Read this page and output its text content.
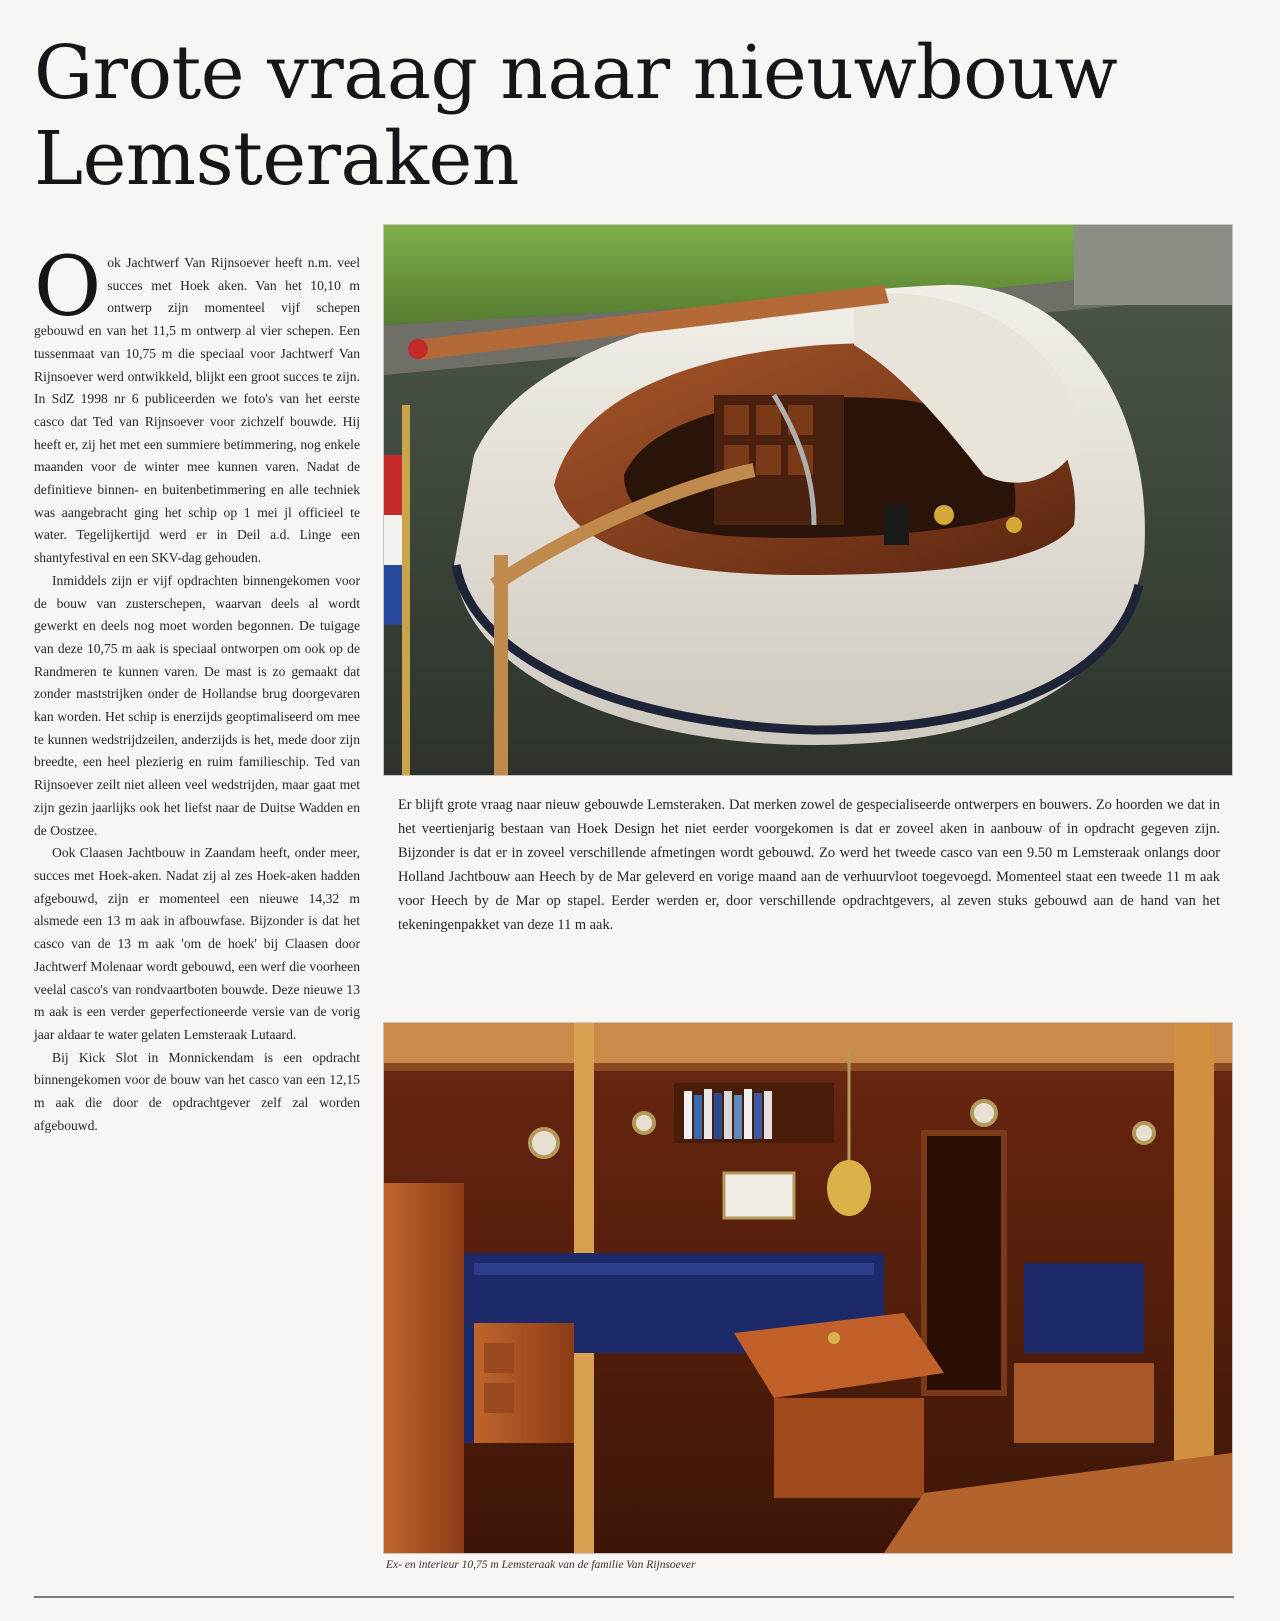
Grote vraag naar nieuwbouw
Lemsteraken

Ook Jachtwerf Van Rijnsoever heeft n.m. veel succes met Hoek aken. Van het 10,10 m ontwerp zijn momenteel vijf schepen gebouwd en van het 11,5 m ontwerp al vier schepen. Een tussenmaat van 10,75 m die speciaal voor Jachtwerf Van Rijnsoever werd ontwikkeld, blijkt een groot succes te zijn. In SdZ 1998 nr 6 publiceerden we foto's van het eerste casco dat Ted van Rijnsoever voor zichzelf bouwde. Hij heeft er, zij het met een summiere betimmering, nog enkele maanden voor de winter mee kunnen varen. Nadat de definitieve binnen- en buitenbetimmering en alle techniek was aangebracht ging het schip op 1 mei jl officieel te water. Tegelijkertijd werd er in Deil a.d. Linge een shantyfestival en een SKV-dag gehouden.

Inmiddels zijn er vijf opdrachten binnengekomen voor de bouw van zusterschepen, waarvan deels al wordt gewerkt en deels nog moet worden begonnen. De tuigage van deze 10,75 m aak is speciaal ontworpen om ook op de Randmeren te kunnen varen. De mast is zo gemaakt dat zonder maststrijken onder de Hollandse brug doorgevaren kan worden. Het schip is enerzijds geoptimaliseerd om mee te kunnen wedstrijdzeilen, anderzijds is het, mede door zijn breedte, een heel plezierig en ruim familieschip. Ted van Rijnsoever zeilt niet alleen veel wedstrijden, maar gaat met zijn gezin jaarlijks ook het liefst naar de Duitse Wadden en de Oostzee.

Ook Claasen Jachtbouw in Zaandam heeft, onder meer, succes met Hoek-aken. Nadat zij al zes Hoek-aken hadden afgebouwd, zijn er momenteel een nieuwe 14,32 m alsmede een 13 m aak in afbouwfase. Bijzonder is dat het casco van de 13 m aak 'om de hoek' bij Claasen door Jachtwerf Molenaar wordt gebouwd, een werf die voorheen veelal casco's van rondvaartboten bouwde. Deze nieuwe 13 m aak is een verder geperfectioneerde versie van de vorig jaar aldaar te water gelaten Lemsteraak Lutaard.

Bij Kick Slot in Monnickendam is een opdracht binnengekomen voor de bouw van het casco van een 12,15 m aak die door de opdrachtgever zelf zal worden afgebouwd.

Er blijft grote vraag naar nieuw gebouwde Lemsteraken. Dat merken zowel de gespecialiseerde ontwerpers en bouwers. Zo hoorden we dat in het veertienjarig bestaan van Hoek Design het niet eerder voorgekomen is dat er zoveel aken in aanbouw of in opdracht gegeven zijn. Bijzonder is dat er in zoveel verschillende afmetingen wordt gebouwd. Zo werd het tweede casco van een 9.50 m Lemsteraak onlangs door Holland Jachtbouw aan Heech by de Mar geleverd en vorige maand aan de verhuurvloot toegevoegd. Momenteel staat een tweede 11 m aak voor Heech by de Mar op stapel. Eerder werden er, door verschillende opdrachtgevers, al zeven stuks gebouwd aan de hand van het tekeningenpakket van deze 11 m aak.
Ex- en interieur 10,75 m Lemsteraak van de familie Van Rijnsoever
